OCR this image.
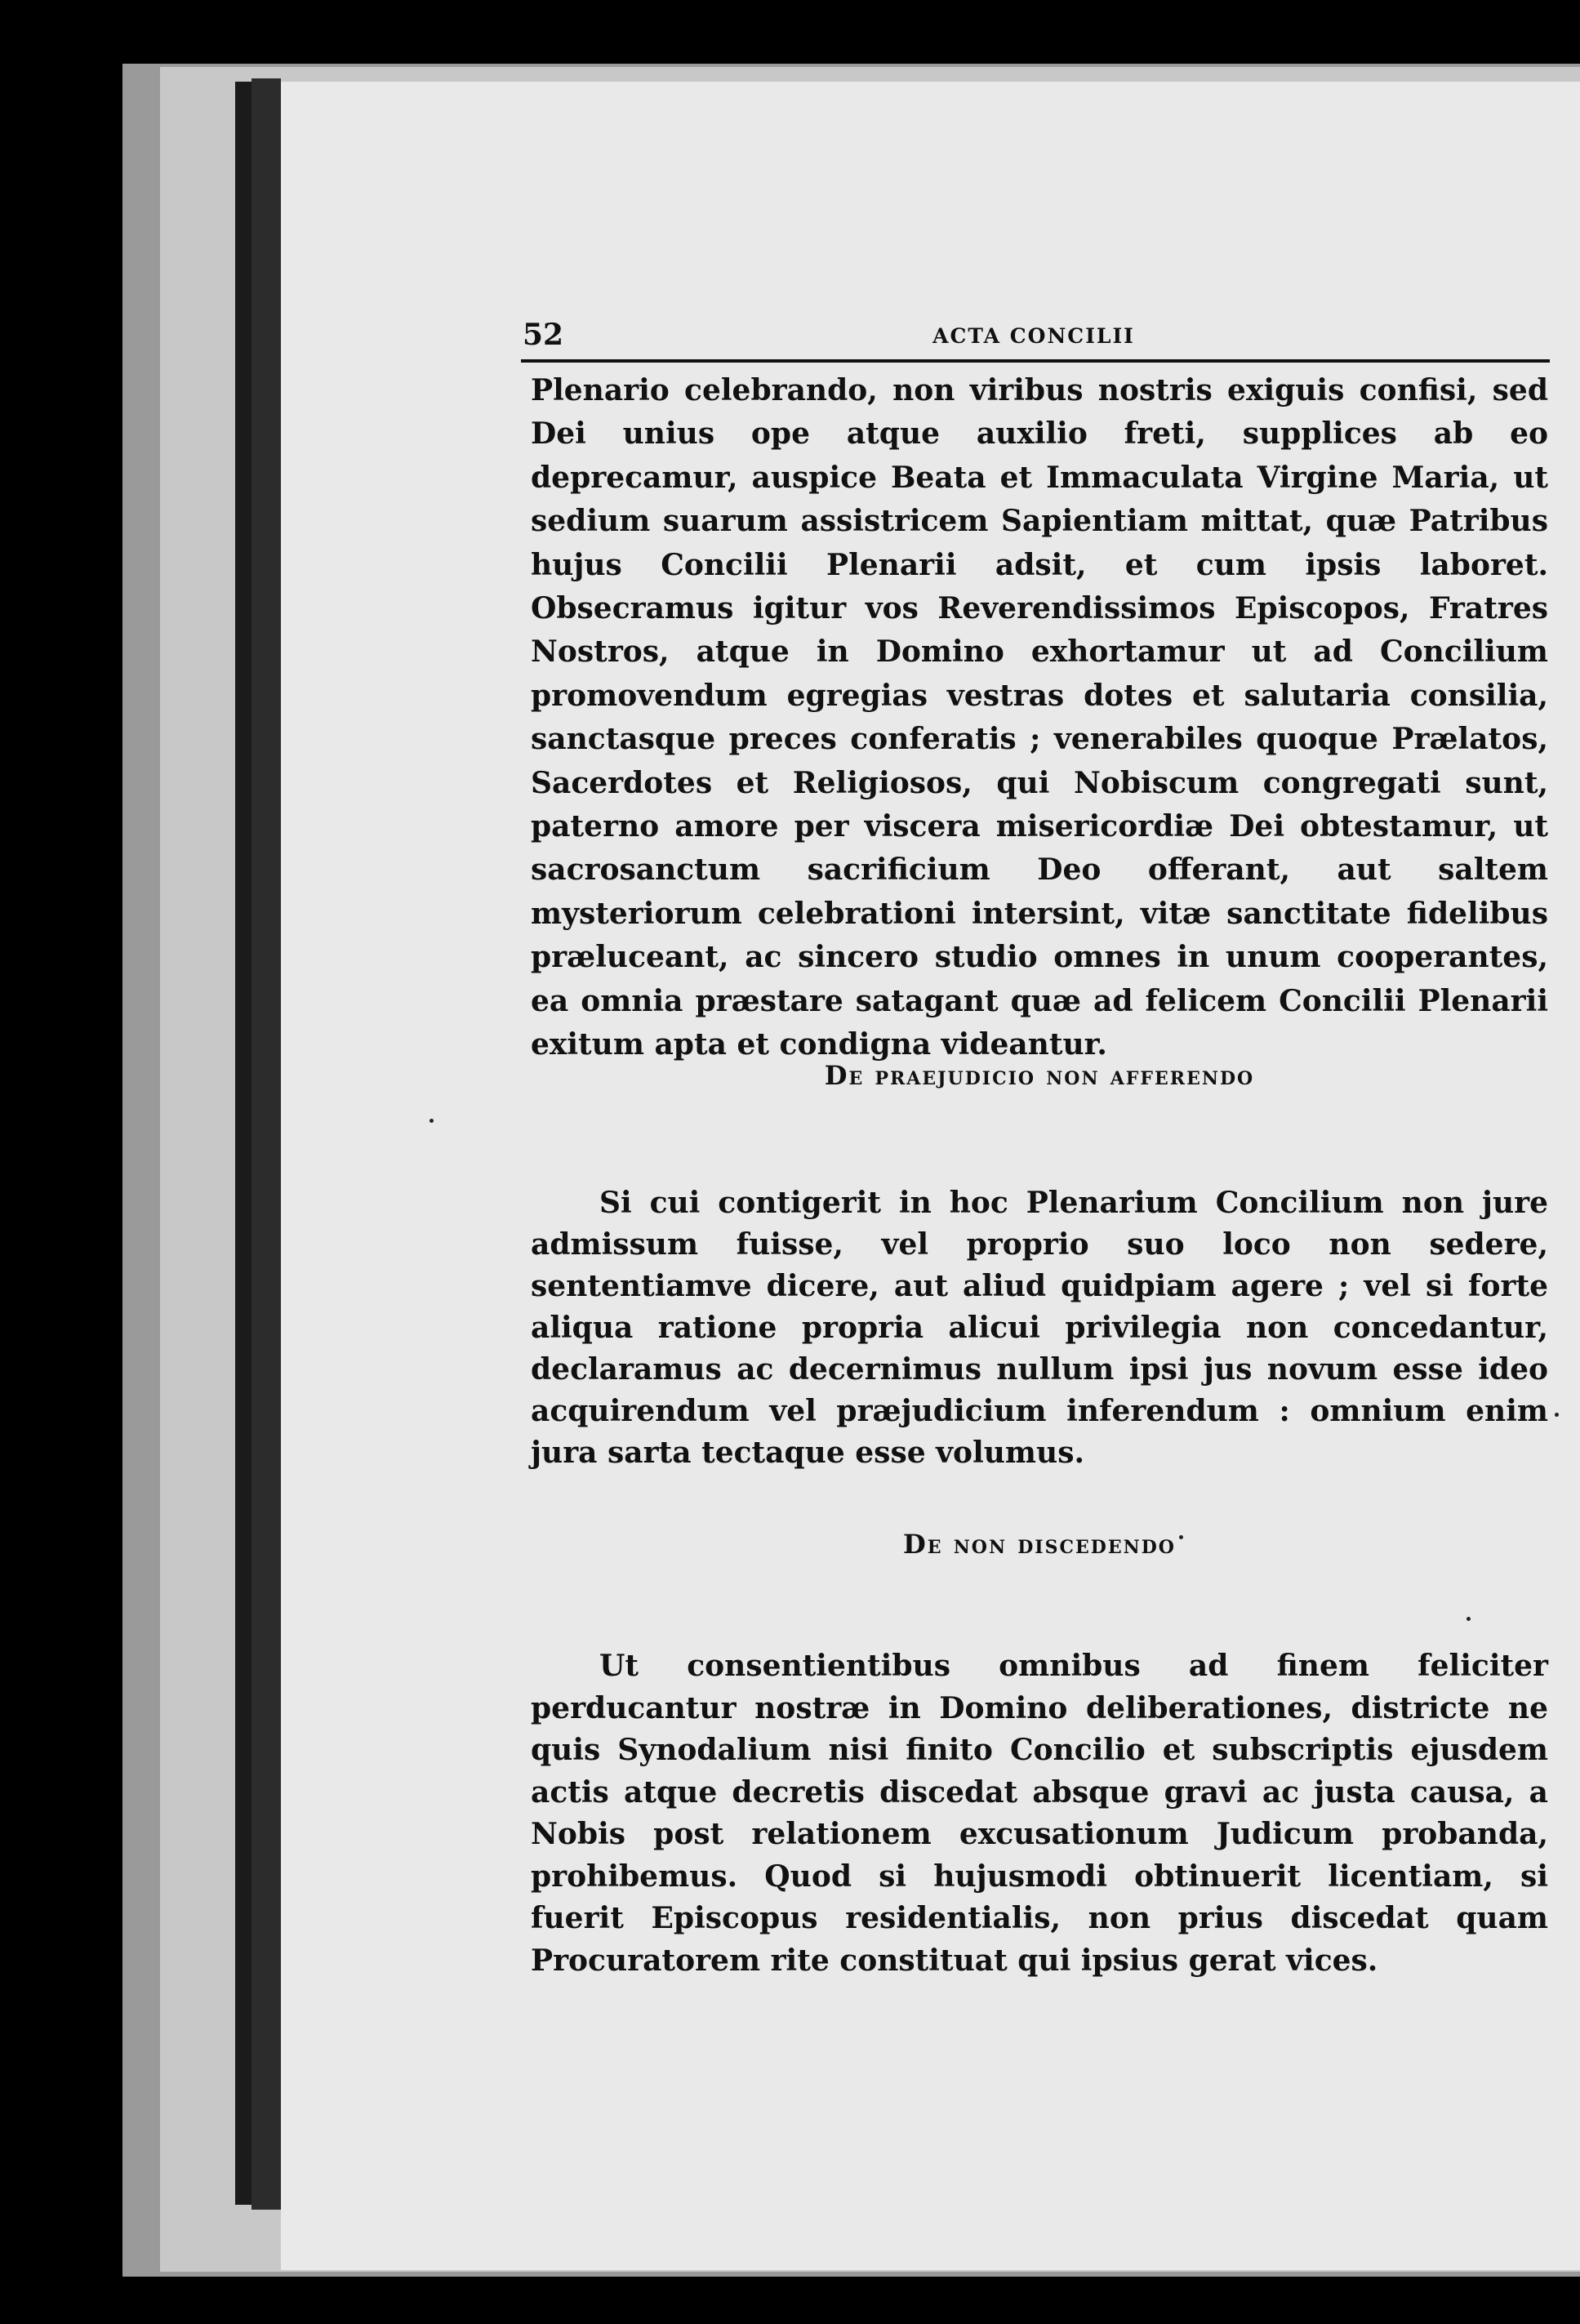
52	ACTA CONCILII
Plenario celebrando, non viribus nostris exiguis confisi, sed Dei unius ope atque auxilio freti, supplices ab eo deprecamur, auspice Beata et Immaculata Virgine Maria, ut sedium suarum assistricem Sapientiam mittat, quæ Patribus hujus Concilii Plenarii adsit, et cum ipsis laboret. Obsecramus igitur vos Reverendissimos Episcopos, Fratres Nostros, atque in Domino exhortamur ut ad Concilium promovendum egregias vestras dotes et salutaria consilia, sanctasque preces conferatis ; venerabiles quoque Prælatos, Sacerdotes et Religiosos, qui Nobiscum congregati sunt, paterno amore per viscera misericordiæ Dei obtestamur, ut sacrosanctum sacrificium Deo offerant, aut saltem mysteriorum celebrationi intersint, vitæ sanctitate fidelibus præluceant, ac sincero studio omnes in unum cooperantes, ea omnia præstare satagant quæ ad felicem Concilii Plenarii exitum apta et condigna videantur.
De praejudicio non afferendo
Si cui contigerit in hoc Plenarium Concilium non jure admissum fuisse, vel proprio suo loco non sedere, sententiamve dicere, aut aliud quidpiam agere ; vel si forte aliqua ratione propria alicui privilegia non concedantur, declaramus ac decernimus nullum ipsi jus novum esse ideo acquirendum vel præjudicium inferendum : omnium enim jura sarta tectaque esse volumus.
De non discedendo
Ut consentientibus omnibus ad finem feliciter perducantur nostræ in Domino deliberationes, districte ne quis Synodalium nisi finito Concilio et subscriptis ejusdem actis atque decretis discedat absque gravi ac justa causa, a Nobis post relationem excusationum Judicum probanda, prohibemus. Quod si hujusmodi obtinuerit licentiam, si fuerit Episcopus residentialis, non prius discedat quam Procuratorem rite constituat qui ipsius gerat vices.
